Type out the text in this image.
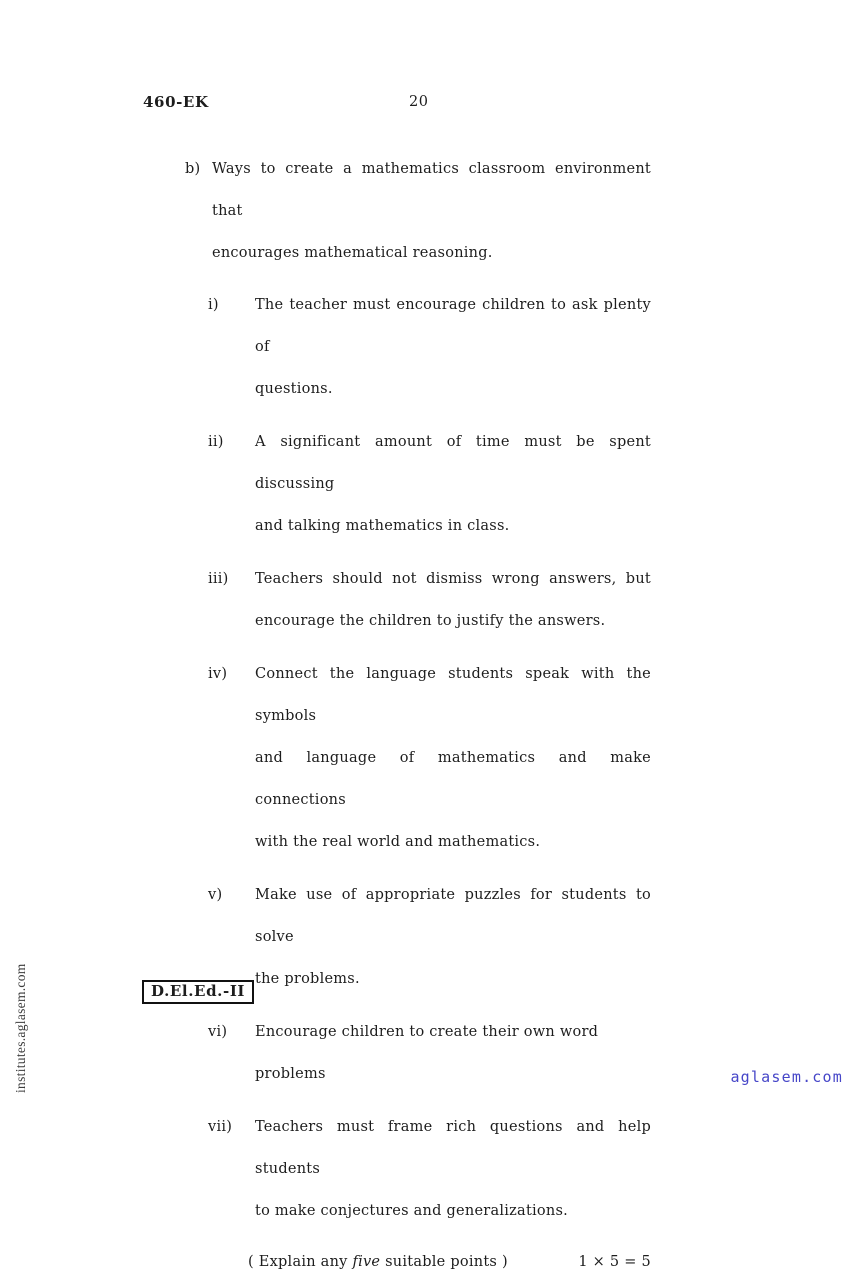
460-EK	20
b) Ways to create a mathematics classroom environment that
encourages mathematical reasoning.
i)	The teacher must encourage children to ask plenty of
questions.
ii)	A significant amount of time must be spent discussing
and talking mathematics in class.
iii)	Teachers should not dismiss wrong answers, but
encourage the children to justify the answers.
iv)	Connect the language students speak with the symbols
and language of mathematics and make connections
with the real world and mathematics.
v)	Make use of appropriate puzzles for students to solve
the problems.
vi)	Encourage children to create their own word problems
vii)	Teachers must frame rich questions and help students
to make conjectures and generalizations.
( Explain any five suitable points )	1 × 5 = 5
D.El.Ed.-II
institutes.aglasem.com	aglasem.com
